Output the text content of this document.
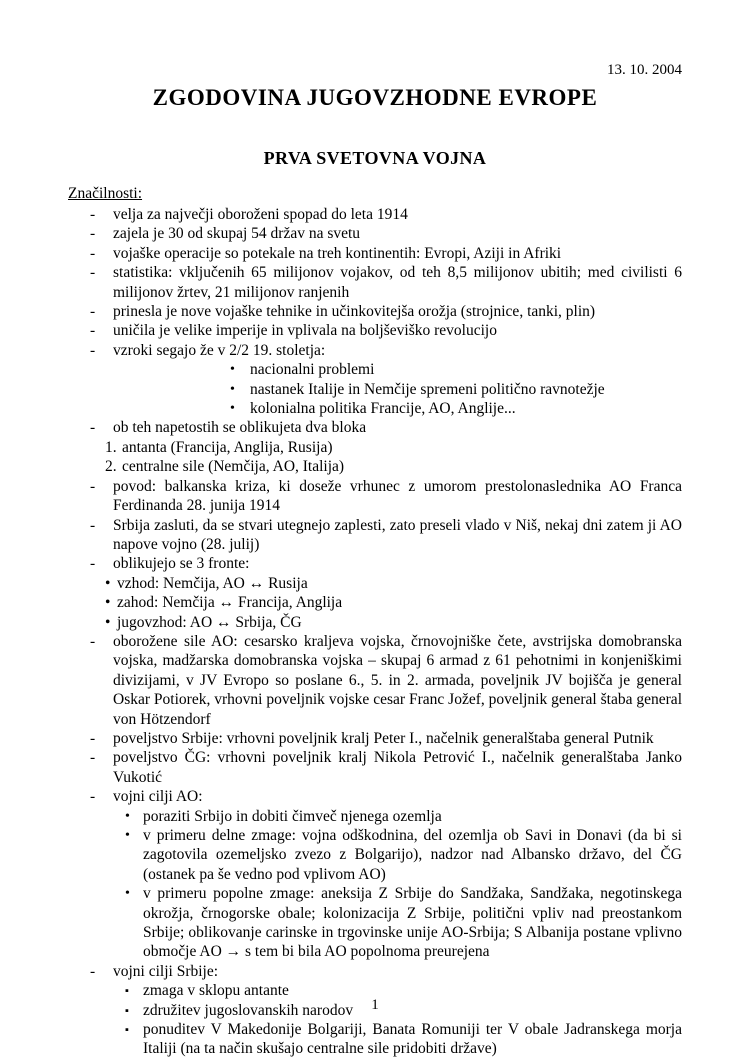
13. 10. 2004
ZGODOVINA JUGOVZHODNE EVROPE
PRVA SVETOVNA VOJNA
Značilnosti:
-	velja za največji oboroženi spopad do leta 1914
-	zajela je 30 od skupaj 54 držav na svetu
-	vojaške operacije so potekale na treh kontinentih: Evropi, Aziji in Afriki
-	statistika: vključenih 65 milijonov vojakov, od teh 8,5 milijonov ubitih; med civilisti 6 milijonov žrtev, 21 milijonov ranjenih
-	prinesla je nove vojaške tehnike in učinkovitejša orožja (strojnice, tanki, plin)
-	uničila je velike imperije in vplivala na boljševiško revolucijo
-	vzroki segajo že v 2/2 19. stoletja:
• nacionalni problemi
• nastanek Italije in Nemčije spremeni politično ravnotežje
• kolonialna politika Francije, AO, Anglije...
-	ob teh napetostih se oblikujeta dva bloka
1. antanta (Francija, Anglija, Rusija)
2. centralne sile (Nemčija, AO, Italija)
-	povod: balkanska kriza, ki doseže vrhunec z umorom prestolonaslednika AO Franca Ferdinanda 28. junija 1914
-	Srbija zasluti, da se stvari utegnejo zaplesti, zato preseli vlado v Niš, nekaj dni zatem ji AO napove vojno (28. julij)
-	oblikujejo se 3 fronte:
• vzhod: Nemčija, AO ↔ Rusija
• zahod: Nemčija ↔ Francija, Anglija
• jugovzhod: AO ↔ Srbija, ČG
-	oborožene sile AO: cesarsko kraljeva vojska, črnovojniške čete, avstrijska domobranska vojska, madžarska domobranska vojska – skupaj 6 armad z 61 pehotnimi in konjeniškimi divizijami, v JV Evropo so poslane 6., 5. in 2. armada, poveljnik JV bojišča je general Oskar Potiorek, vrhovni poveljnik vojske cesar Franc Jožef, poveljnik general štaba general von Hötzendorf
-	poveljstvo Srbije: vrhovni poveljnik kralj Peter I., načelnik generalštaba general Putnik
-	poveljstvo ČG: vrhovni poveljnik kralj Nikola Petrović I., načelnik generalštaba Janko Vukotić
-	vojni cilji AO:
• poraziti Srbijo in dobiti čimveč njenega ozemlja
• v primeru delne zmage: vojna odškodnina, del ozemlja ob Savi in Donavi (da bi si zagotovila ozemeljsko zvezo z Bolgarijo), nadzor nad Albansko državo, del ČG (ostanek pa še vedno pod vplivom AO)
• v primeru popolne zmage: aneksija Z Srbije do Sandžaka, Sandžaka, negotinskega okrožja, črnogorske obale; kolonizacija Z Srbije, politični vpliv nad preostankom Srbije; oblikovanje carinske in trgovinske unije AO-Srbija; S Albanija postane vplivno območje AO → s tem bi bila AO popolnoma preurejena
-	vojni cilji Srbije:
▪ zmaga v sklopu antante
▪ združitev jugoslovanskih narodov
▪ ponuditev V Makedonije Bolgariji, Banata Romuniji ter V obale Jadranskega morja Italiji (na ta način skušajo centralne sile pridobiti države)
1
